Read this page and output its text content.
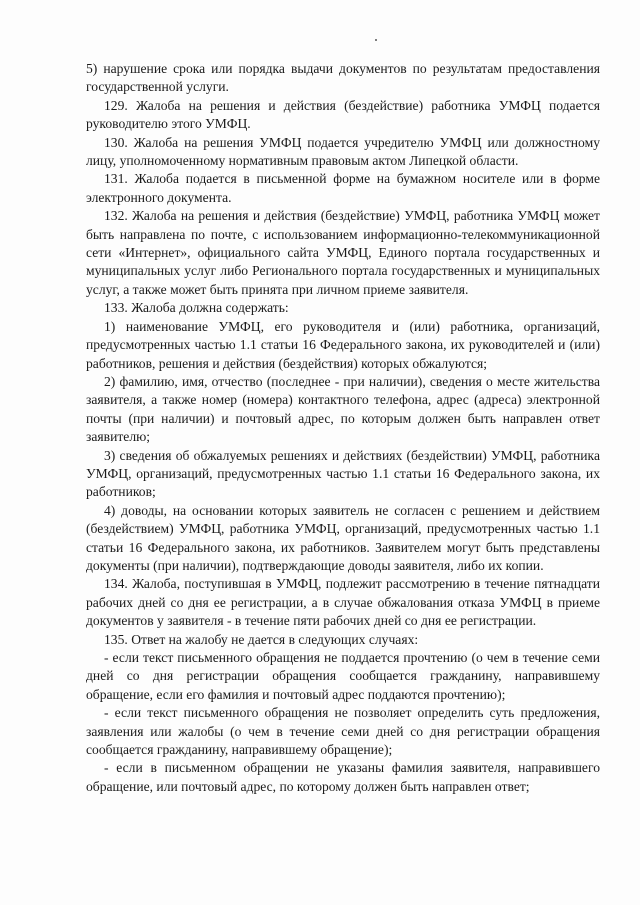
5) нарушение срока или порядка выдачи документов по результатам предоставления государственной услуги.

129. Жалоба на решения и действия (бездействие) работника УМФЦ подается руководителю этого УМФЦ.

130. Жалоба на решения УМФЦ подается учредителю УМФЦ или должностному лицу, уполномоченному нормативным правовым актом Липецкой области.

131. Жалоба подается в письменной форме на бумажном носителе или в форме электронного документа.

132. Жалоба на решения и действия (бездействие) УМФЦ, работника УМФЦ может быть направлена по почте, с использованием информационно-телекоммуникационной сети «Интернет», официального сайта УМФЦ, Единого портала государственных и муниципальных услуг либо Регионального портала государственных и муниципальных услуг, а также может быть принята при личном приеме заявителя.

133. Жалоба должна содержать:

1) наименование УМФЦ, его руководителя и (или) работника, организаций, предусмотренных частью 1.1 статьи 16 Федерального закона, их руководителей и (или) работников, решения и действия (бездействия) которых обжалуются;

2) фамилию, имя, отчество (последнее - при наличии), сведения о месте жительства заявителя, а также номер (номера) контактного телефона, адрес (адреса) электронной почты (при наличии) и почтовый адрес, по которым должен быть направлен ответ заявителю;

3) сведения об обжалуемых решениях и действиях (бездействии) УМФЦ, работника УМФЦ, организаций, предусмотренных частью 1.1 статьи 16 Федерального закона, их работников;

4) доводы, на основании которых заявитель не согласен с решением и действием (бездействием) УМФЦ, работника УМФЦ, организаций, предусмотренных частью 1.1 статьи 16 Федерального закона, их работников. Заявителем могут быть представлены документы (при наличии), подтверждающие доводы заявителя, либо их копии.

134. Жалоба, поступившая в УМФЦ, подлежит рассмотрению в течение пятнадцати рабочих дней со дня ее регистрации, а в случае обжалования отказа УМФЦ в приеме документов у заявителя - в течение пяти рабочих дней со дня ее регистрации.

135. Ответ на жалобу не дается в следующих случаях:

- если текст письменного обращения не поддается прочтению (о чем в течение семи дней со дня регистрации обращения сообщается гражданину, направившему обращение, если его фамилия и почтовый адрес поддаются прочтению);

- если текст письменного обращения не позволяет определить суть предложения, заявления или жалобы (о чем в течение семи дней со дня регистрации обращения сообщается гражданину, направившему обращение);

- если в письменном обращении не указаны фамилия заявителя, направившего обращение, или почтовый адрес, по которому должен быть направлен ответ;
